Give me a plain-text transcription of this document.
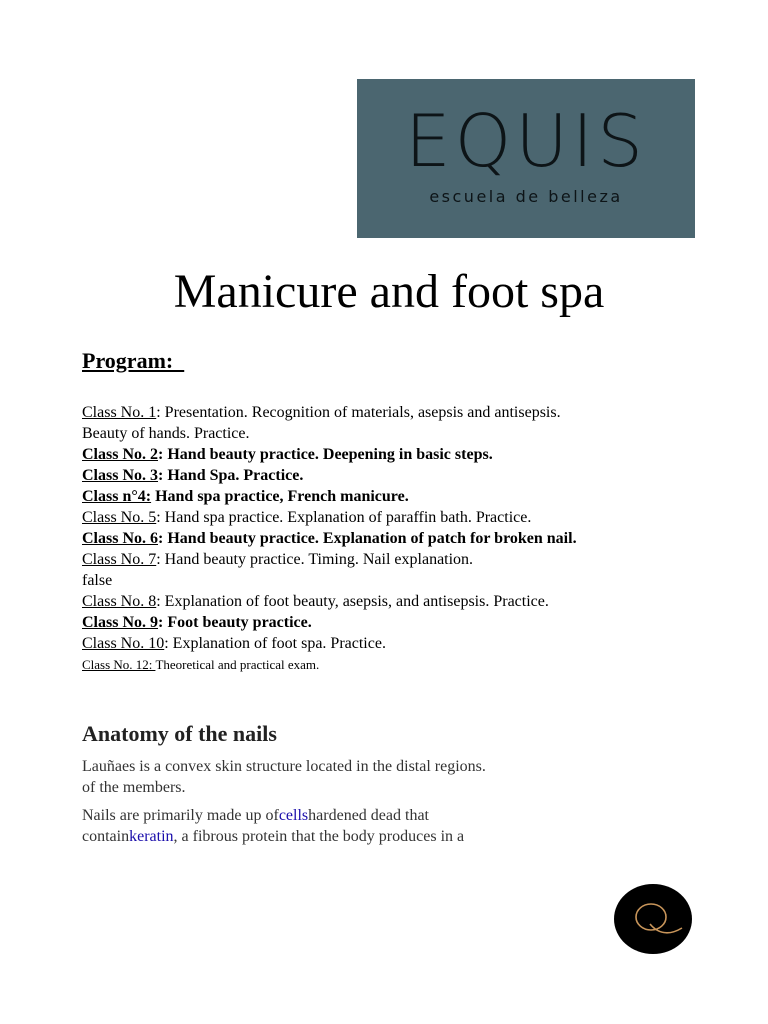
EQUIS
escuela de belleza
Manicure and foot spa
Program:
Class No. 1: Presentation. Recognition of materials, asepsis and antisepsis.
Beauty of hands. Practice.
Class No. 2: Hand beauty practice. Deepening in basic steps.
Class No. 3: Hand Spa. Practice.
Class n°4: Hand spa practice, French manicure.
Class No. 5: Hand spa practice. Explanation of paraffin bath. Practice.
Class No. 6: Hand beauty practice. Explanation of patch for broken nail.
Class No. 7: Hand beauty practice. Timing. Nail explanation.
false
Class No. 8: Explanation of foot beauty, asepsis, and antisepsis. Practice.
Class No. 9: Foot beauty practice.
Class No. 10: Explanation of foot spa. Practice.
Class No. 12: Theoretical and practical exam.
Anatomy of the nails
Lauñaes is a convex skin structure located in the distal regions.
of the members.
Nails are primarily made up ofcellshardened dead that
containkeratin, a fibrous protein that the body produces in a
